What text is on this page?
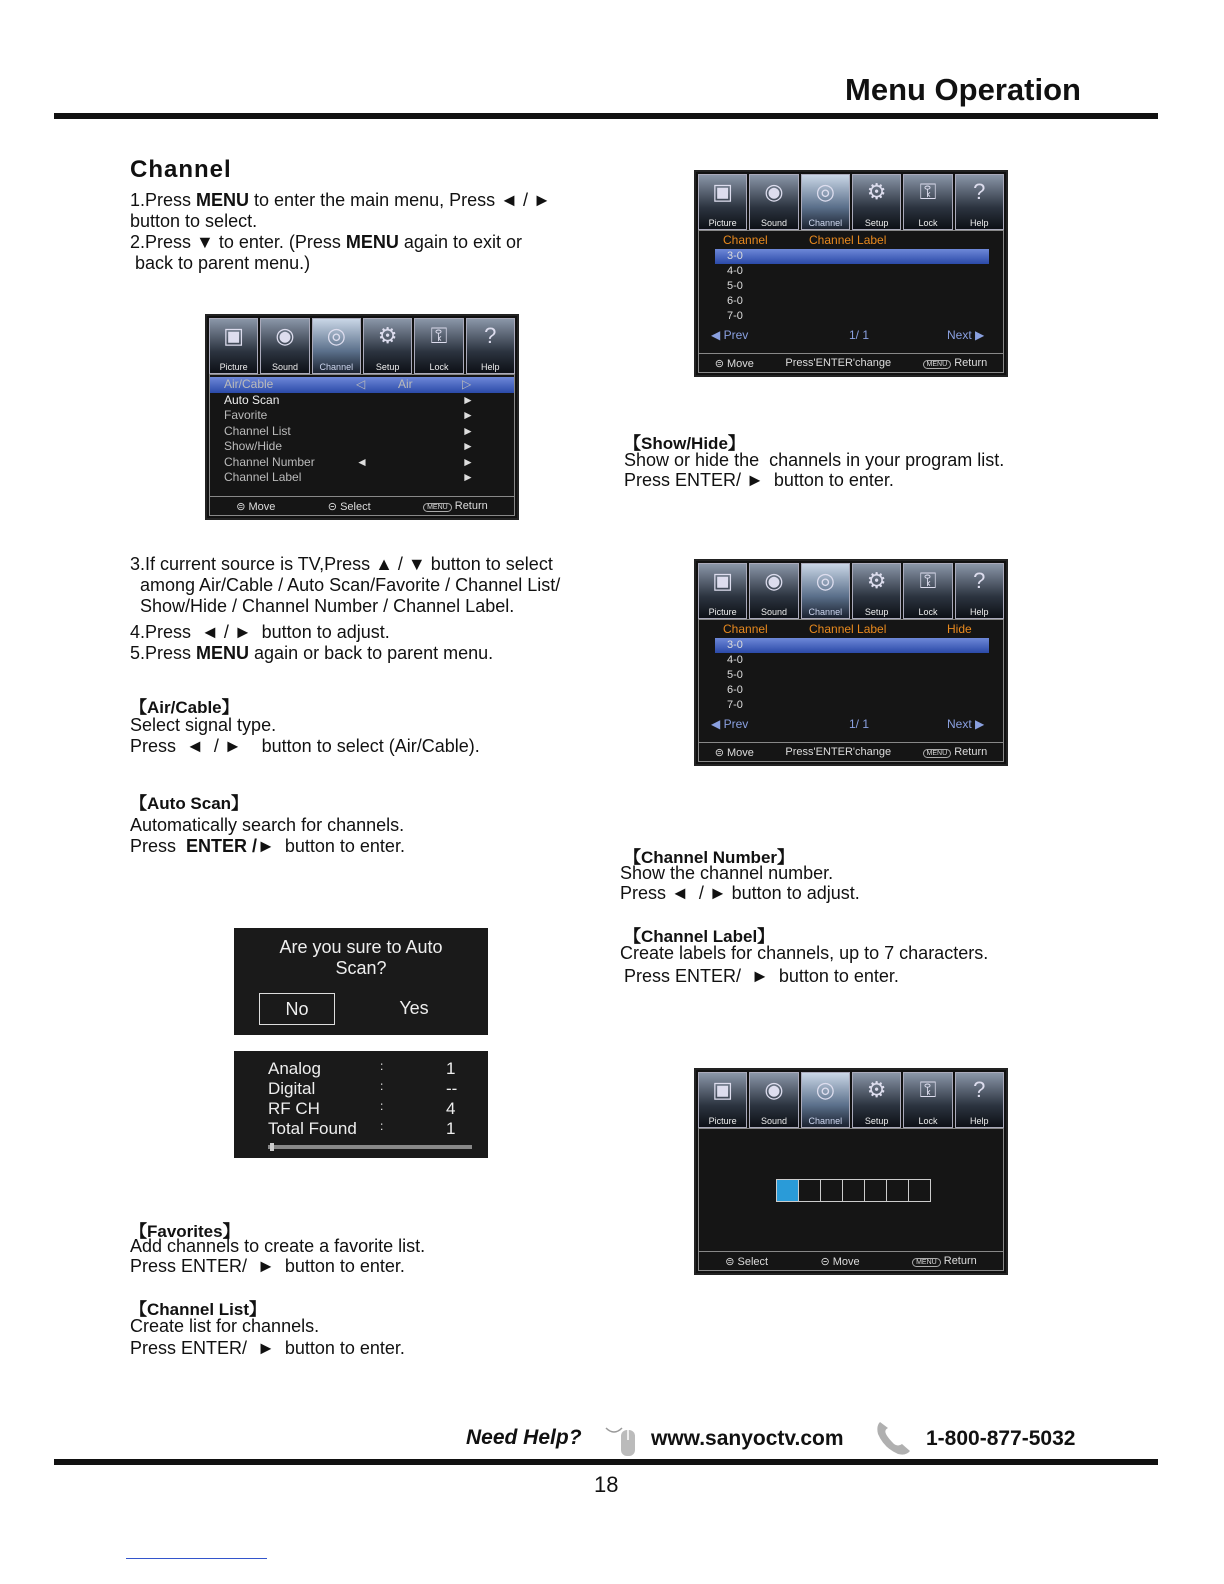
Menu Operation
Channel
1.Press MENU to enter the main menu, Press ◄ / ►
button to select.
2.Press ▼ to enter. (Press MENU again to exit or
back to parent menu.)
▣
Picture
◉
Sound
◎
Channel
⚙
Setup
⚿
Lock
?
Help
Air/Cable	◁	Air	▷
Auto Scan	►
Favorite	►
Channel List	►
Show/Hide	►
Channel Number	◄	►
Channel Label	►
⊜ Move	⊝ Select	MENU Return
3.If current source is TV,Press ▲ / ▼ button to select
among Air/Cable / Auto Scan/Favorite / Channel List/
Show/Hide / Channel Number / Channel Label.
4.Press  ◄ / ►  button to adjust.
5.Press MENU again or back to parent menu.
【Air/Cable】
Select signal type.
Press  ◄  / ►    button to select (Air/Cable).
【Auto Scan】
Automatically search for channels.
Press  ENTER /►  button to enter.
Are you sure to Auto
Scan?
No	Yes
Analog	:	1
Digital	:	--
RF CH	:	4
Total Found :	1
【Favorites】
Add channels to create a favorite list.
Press ENTER/  ►  button to enter.
【Channel List】
Create list for channels.
Press ENTER/  ►  button to enter.
▣
Picture
◉
Sound
◎
Channel
⚙
Setup
⚿
Lock
?
Help
Channel	Channel Label
3-0
4-0
5-0
6-0
7-0
◀ Prev	1/ 1	Next ▶
⊜ Move	Press'ENTER'change	MENU Return
【Show/Hide】
Show or hide the  channels in your program list.
Press ENTER/ ►  button to enter.
▣
Picture
◉
Sound
◎
Channel
⚙
Setup
⚿
Lock
?
Help
Channel	Channel Label	Hide
3-0
4-0
5-0
6-0
7-0
◀ Prev	1/ 1	Next ▶
⊜ Move	Press'ENTER'change	MENU Return
【Channel Number】
Show the channel number.
Press ◄  / ► button to adjust.
【Channel Label】
Create labels for channels, up to 7 characters.
Press ENTER/  ►  button to enter.
▣
Picture
◉
Sound
◎
Channel
⚙
Setup
⚿
Lock
?
Help
⊜ Select	⊝ Move	MENU Return
Need Help?	www.sanyoctv.com	1-800-877-5032
18
